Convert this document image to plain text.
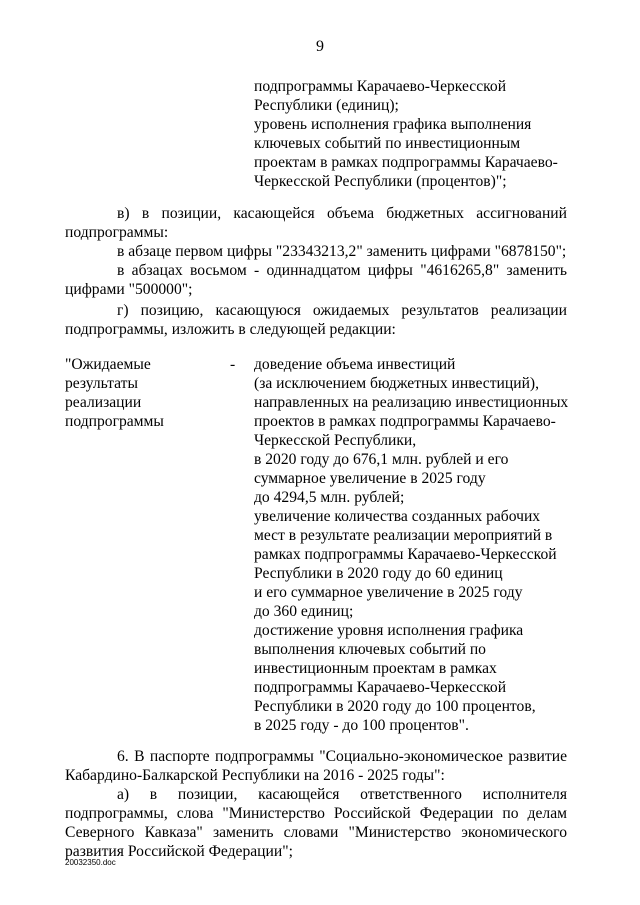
9
подпрограммы Карачаево-Черкесской
Республики (единиц);
уровень исполнения графика выполнения
ключевых событий по инвестиционным
проектам в рамках подпрограммы Карачаево-
Черкесской Республики (процентов)";
в) в позиции, касающейся объема бюджетных ассигнований
подпрограммы:
в абзаце первом цифры "23343213,2" заменить цифрами "6878150";
в абзацах восьмом - одиннадцатом цифры "4616265,8" заменить
цифрами "500000";
г) позицию, касающуюся ожидаемых результатов реализации
подпрограммы, изложить в следующей редакции:
"Ожидаемые
результаты
реализации
подпрограммы
- доведение объема инвестиций
(за исключением бюджетных инвестиций),
направленных на реализацию инвестиционных
проектов в рамках подпрограммы Карачаево-
Черкесской Республики,
в 2020 году до 676,1 млн. рублей и его
суммарное увеличение в 2025 году
до 4294,5 млн. рублей;
увеличение количества созданных рабочих
мест в результате реализации мероприятий в
рамках подпрограммы Карачаево-Черкесской
Республики в 2020 году до 60 единиц
и его суммарное увеличение в 2025 году
до 360 единиц;
достижение уровня исполнения графика
выполнения ключевых событий по
инвестиционным проектам в рамках
подпрограммы Карачаево-Черкесской
Республики в 2020 году до 100 процентов,
в 2025 году - до 100 процентов".
6. В паспорте подпрограммы "Социально-экономическое развитие
Кабардино-Балкарской Республики на 2016 - 2025 годы":
а) в позиции, касающейся ответственного исполнителя
подпрограммы, слова "Министерство Российской Федерации по делам
Северного Кавказа" заменить словами "Министерство экономического
развития Российской Федерации";
20032350.doc
